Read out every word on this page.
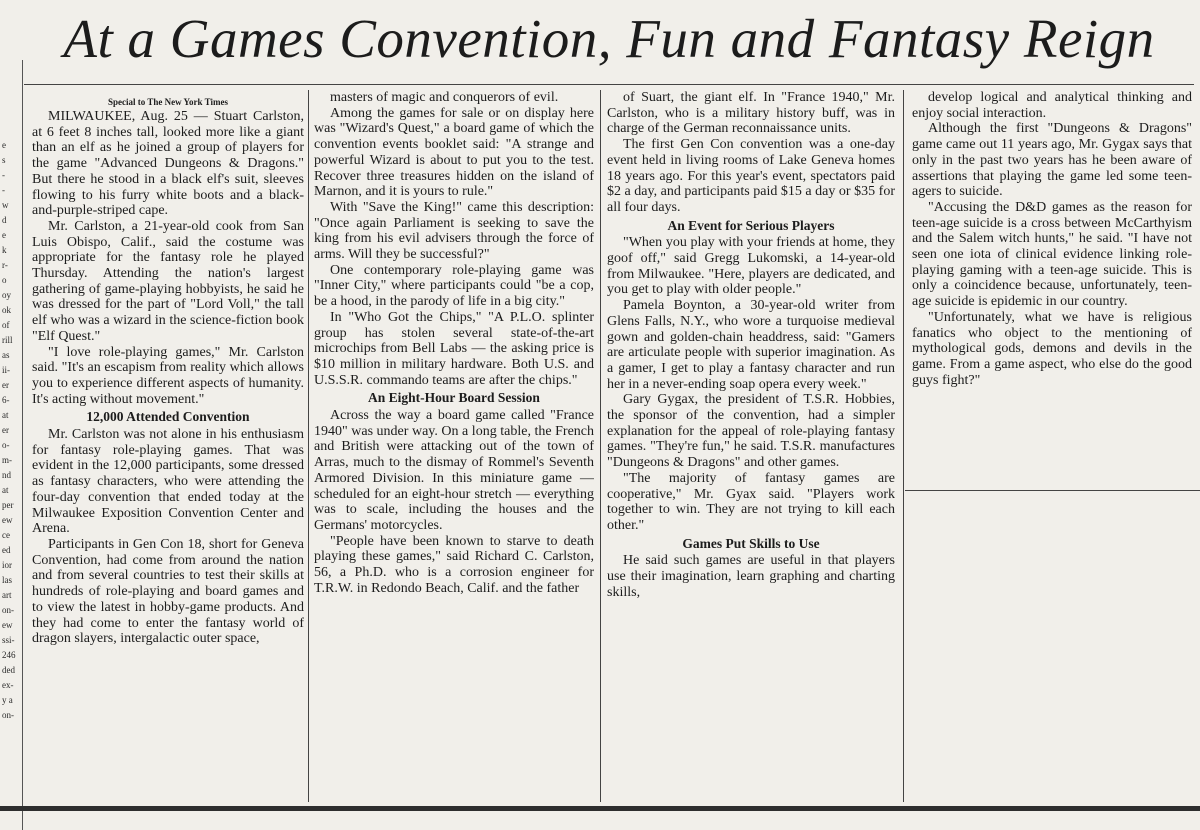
e
s
-
-
w
d
e
k
r-
o
oy
ok
of
rill
as
ii-
er
6-
at
er
o-
m-
nd
at
per
ew
ce
ed
ior
las
art
on-
ew
ssi-
246
ded
ex-
y a
on-
At a Games Convention, Fun and Fantasy Reign

Special to The New York Times

MILWAUKEE, Aug. 25 — Stuart Carlston, at 6 feet 8 inches tall, looked more like a giant than an elf as he joined a group of players for the game "Advanced Dungeons & Dragons." But there he stood in a black elf's suit, sleeves flowing to his furry white boots and a black-and-purple-striped cape.

Mr. Carlston, a 21-year-old cook from San Luis Obispo, Calif., said the costume was appropriate for the fantasy role he played Thursday. Attending the nation's largest gathering of game-playing hobbyists, he said he was dressed for the part of "Lord Voll," the tall elf who was a wizard in the science-fiction book "Elf Quest."

"I love role-playing games," Mr. Carlston said. "It's an escapism from reality which allows you to experience different aspects of humanity. It's acting without movement."

12,000 Attended Convention

Mr. Carlston was not alone in his enthusiasm for fantasy role-playing games. That was evident in the 12,000 participants, some dressed as fantasy characters, who were attending the four-day convention that ended today at the Milwaukee Exposition Convention Center and Arena.

Participants in Gen Con 18, short for Geneva Convention, had come from around the nation and from several countries to test their skills at hundreds of role-playing and board games and to view the latest in hobby-game products. And they had come to enter the fantasy world of dragon slayers, intergalactic outer space,

masters of magic and conquerors of evil.

Among the games for sale or on display here was "Wizard's Quest," a board game of which the convention events booklet said: "A strange and powerful Wizard is about to put you to the test. Recover three treasures hidden on the island of Marnon, and it is yours to rule."

With "Save the King!" came this description: "Once again Parliament is seeking to save the king from his evil advisers through the force of arms. Will they be successful?"

One contemporary role-playing game was "Inner City," where participants could "be a cop, be a hood, in the parody of life in a big city."

In "Who Got the Chips," "A P.L.O. splinter group has stolen several state-of-the-art microchips from Bell Labs — the asking price is $10 million in military hardware. Both U.S. and U.S.S.R. commando teams are after the chips."

An Eight-Hour Board Session

Across the way a board game called "France 1940" was under way. On a long table, the French and British were attacking out of the town of Arras, much to the dismay of Rommel's Seventh Armored Division. In this miniature game — scheduled for an eight-hour stretch — everything was to scale, including the houses and the Germans' motorcycles.

"People have been known to starve to death playing these games," said Richard C. Carlston, 56, a Ph.D. who is a corrosion engineer for T.R.W. in Redondo Beach, Calif. and the father

of Suart, the giant elf. In "France 1940," Mr. Carlston, who is a military history buff, was in charge of the German reconnaissance units.

The first Gen Con convention was a one-day event held in living rooms of Lake Geneva homes 18 years ago. For this year's event, spectators paid $2 a day, and participants paid $15 a day or $35 for all four days.

An Event for Serious Players

"When you play with your friends at home, they goof off," said Gregg Lukomski, a 14-year-old from Milwaukee. "Here, players are dedicated, and you get to play with older people."

Pamela Boynton, a 30-year-old writer from Glens Falls, N.Y., who wore a turquoise medieval gown and golden-chain headdress, said: "Gamers are articulate people with superior imagination. As a gamer, I get to play a fantasy character and run her in a never-ending soap opera every week."

Gary Gygax, the president of T.S.R. Hobbies, the sponsor of the convention, had a simpler explanation for the appeal of role-playing fantasy games. "They're fun," he said. T.S.R. manufactures "Dungeons & Dragons" and other games.

"The majority of fantasy games are cooperative," Mr. Gyax said. "Players work together to win. They are not trying to kill each other."

Games Put Skills to Use

He said such games are useful in that players use their imagination, learn graphing and charting skills,

develop logical and analytical thinking and enjoy social interaction.

Although the first "Dungeons & Dragons" game came out 11 years ago, Mr. Gygax says that only in the past two years has he been aware of assertions that playing the game led some teen-agers to suicide.

"Accusing the D&D games as the reason for teen-age suicide is a cross between McCarthyism and the Salem witch hunts," he said. "I have not seen one iota of clinical evidence linking role-playing gaming with a teen-age suicide. This is only a coincidence because, unfortunately, teen-age suicide is epidemic in our country.

"Unfortunately, what we have is religious fanatics who object to the mentioning of mythological gods, demons and devils in the game. From a game aspect, who else do the good guys fight?"
